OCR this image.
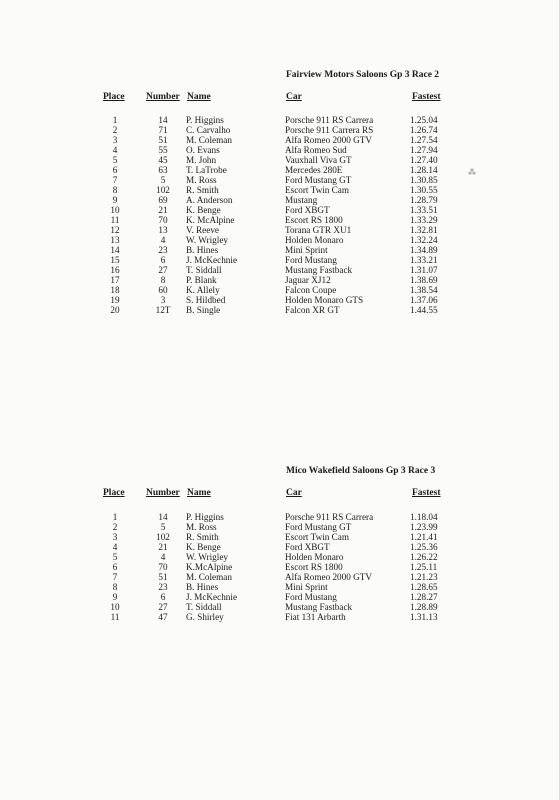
⁂
Fairview Motors Saloons Gp 3 Race 2
Place Number Name	Car	Fastest
1	14	P. Higgins	Porsche 911 RS Carrera	1.25.04
2	71	C. Carvalho	Porsche 911 Carrera RS	1.26.74
3	51	M. Coleman	Alfa Romeo 2000 GTV	1.27.54
4	55	O. Evans	Alfa Romeo Sud	1.27.94
5	45	M. John	Vauxhall Viva GT	1.27.40
6	63	T. LaTrobe	Mercedes 280E	1.28.14
7	5	M. Ross	Ford Mustang GT	1.30.85
8	102	R. Smith	Escort Twin Cam	1.30.55
9	69	A. Anderson	Mustang	1.28.79
10	21	K. Benge	Ford XBGT	1.33.51
11	70	K. McAlpine	Escort RS 1800	1.33.29
12	13	V. Reeve	Torana GTR XU1	1.32.81
13	4	W. Wrigley	Holden Monaro	1.32.24
14	23	B. Hines	Mini Sprint	1.34.89
15	6	J. McKechnie	Ford Mustang	1.33.21
16	27	T. Siddall	Mustang Fastback	1.31.07
17	8	P. Blank	Jaguar XJ12	1.38.69
18	60	K. Allely	Falcon Coupe	1.38.54
19	3	S. Hildbed	Holden Monaro GTS	1.37.06
20	12T	B. Single	Falcon XR GT	1.44.55
Mico Wakefield Saloons Gp 3 Race 3
Place Number Name	Car	Fastest
1	14	P. Higgins	Porsche 911 RS Carrera	1.18.04
2	5	M. Ross	Ford Mustang GT	1.23.99
3	102	R. Smith	Escort Twin Cam	1.21.41
4	21	K. Benge	Ford XBGT	1.25.36
5	4	W. Wrigley	Holden Monaro	1.26.22
6	70	K.McAlpine	Escort RS 1800	1.25.11
7	51	M. Coleman	Alfa Romeo 2000 GTV	1.21.23
8	23	B. Hines	Mini Sprint	1.28.65
9	6	J. McKechnie	Ford Mustang	1.28.27
10	27	T. Siddall	Mustang Fastback	1.28.89
11	47	G. Shirley	Fiat 131 Arbarth	1.31.13
